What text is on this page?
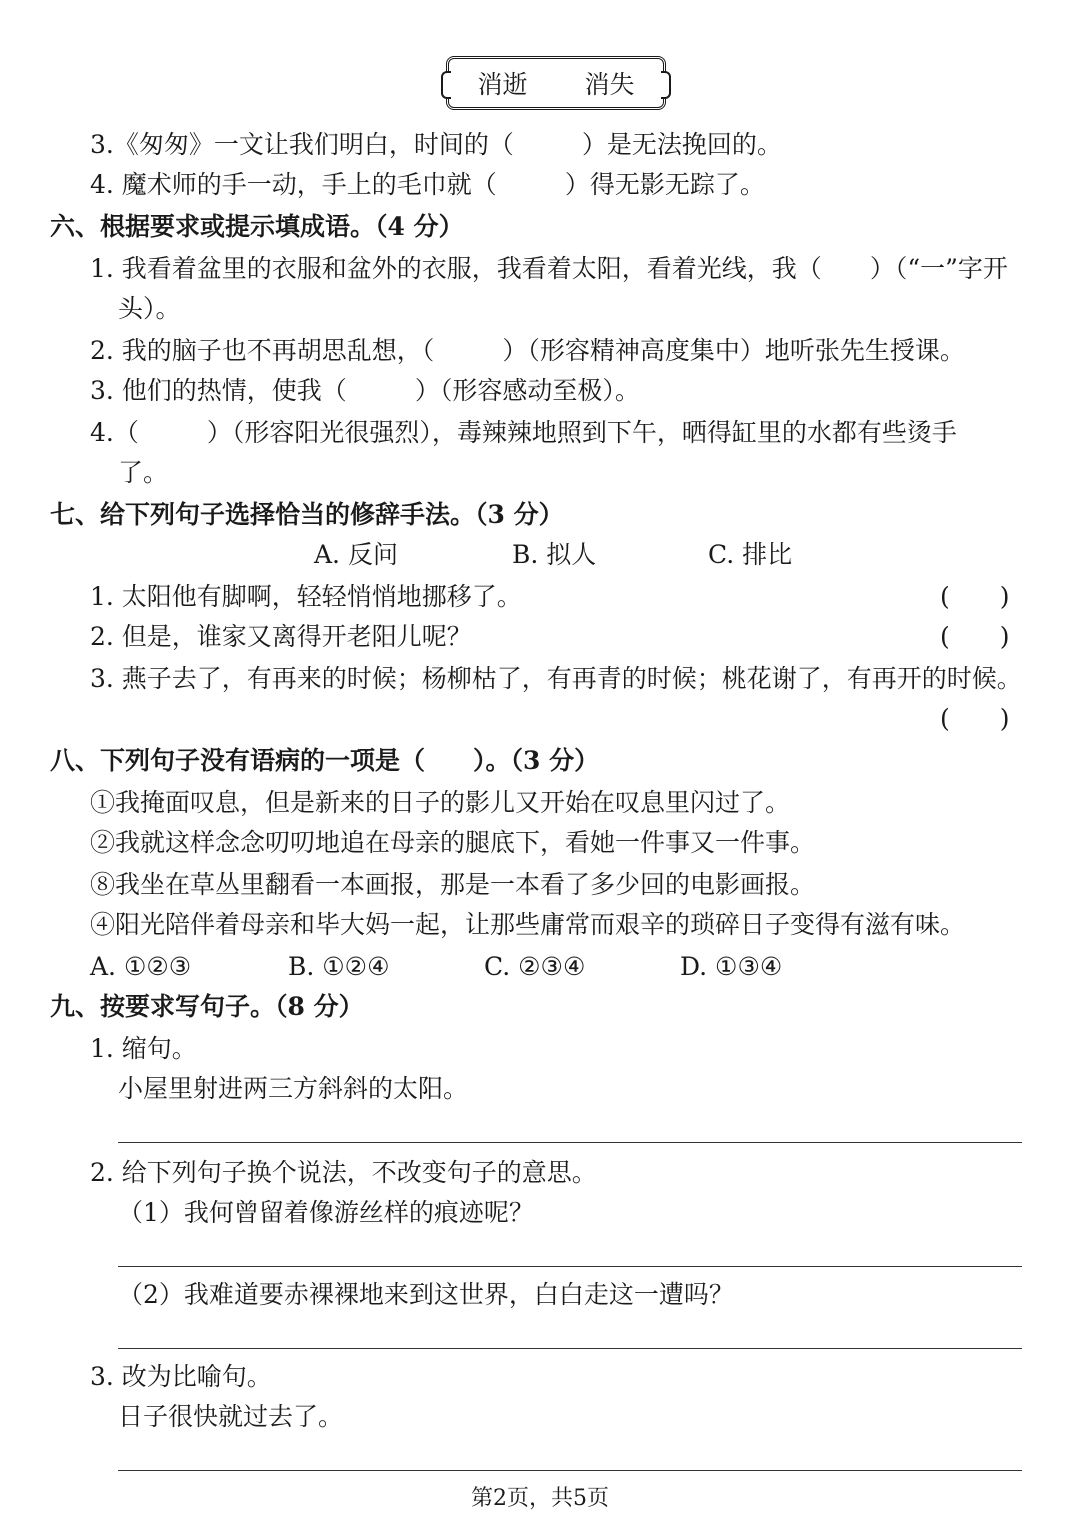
消逝 消失
3.《匆匆》一文让我们明白，时间的（	）是无法挽回的。
4. 魔术师的手一动，手上的毛巾就（	）得无影无踪了。
六、根据要求或提示填成语。（4 分）
1. 我看着盆里的衣服和盆外的衣服，我看着太阳，看着光线，我（ ）（“一”字开
头）。
2. 我的脑子也不再胡思乱想，（	）（形容精神高度集中）地听张先生授课。
3. 他们的热情，使我（	）（形容感动至极）。
4.（	）（形容阳光很强烈），毒辣辣地照到下午，晒得缸里的水都有些烫手
了。
七、给下列句子选择恰当的修辞手法。（3 分）
A. 反问	B. 拟人	C. 排比
1. 太阳他有脚啊，轻轻悄悄地挪移了。	(　　)
2. 但是，谁家又离得开老阳儿呢？	(　　)
3. 燕子去了，有再来的时候；杨柳枯了，有再青的时候；桃花谢了，有再开的时候。
(　　)
八、下列句子没有语病的一项是（ ）。（3 分）
①我掩面叹息，但是新来的日子的影儿又开始在叹息里闪过了。
②我就这样念念叨叨地追在母亲的腿底下，看她一件事又一件事。
⑧我坐在草丛里翻看一本画报，那是一本看了多少回的电影画报。
④阳光陪伴着母亲和毕大妈一起，让那些庸常而艰辛的琐碎日子变得有滋有味。
A. ①②③	B. ①②④	C. ②③④	D. ①③④
九、按要求写句子。（8 分）
1. 缩句。
小屋里射进两三方斜斜的太阳。
2. 给下列句子换个说法，不改变句子的意思。
（1）我何曾留着像游丝样的痕迹呢？
（2）我难道要赤裸裸地来到这世界，白白走这一遭吗？
3. 改为比喻句。
日子很快就过去了。
第2页，共5页
